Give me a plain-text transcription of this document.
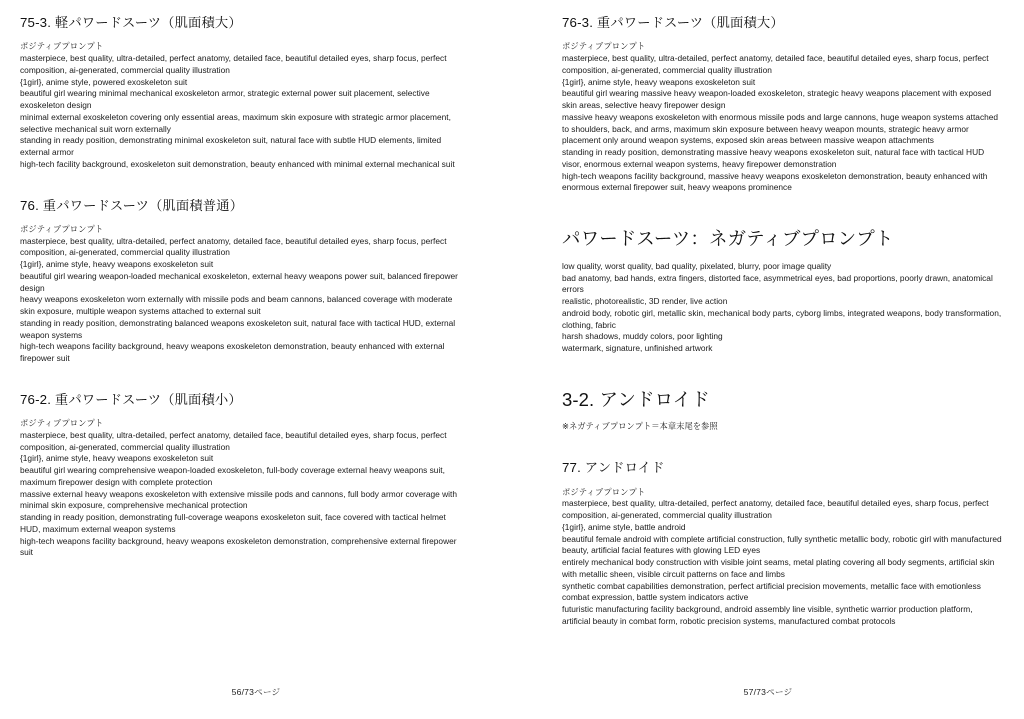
75-3. 軽パワードスーツ（肌面積大）
ポジティブプロンプト
masterpiece, best quality, ultra-detailed, perfect anatomy, detailed face, beautiful detailed eyes, sharp focus, perfect composition, ai-generated, commercial quality illustration
{1girl}, anime style, powered exoskeleton suit
beautiful girl wearing minimal mechanical exoskeleton armor, strategic external power suit placement, selective exoskeleton design
minimal external exoskeleton covering only essential areas, maximum skin exposure with strategic armor placement, selective mechanical suit worn externally
standing in ready position, demonstrating minimal exoskeleton suit, natural face with subtle HUD elements, limited external armor
high-tech facility background, exoskeleton suit demonstration, beauty enhanced with minimal external mechanical suit
76. 重パワードスーツ（肌面積普通）
ポジティブプロンプト
masterpiece, best quality, ultra-detailed, perfect anatomy, detailed face, beautiful detailed eyes, sharp focus, perfect composition, ai-generated, commercial quality illustration
{1girl}, anime style, heavy weapons exoskeleton suit
beautiful girl wearing weapon-loaded mechanical exoskeleton, external heavy weapons power suit, balanced firepower design
heavy weapons exoskeleton worn externally with missile pods and beam cannons, balanced coverage with moderate skin exposure, multiple weapon systems attached to external suit
standing in ready position, demonstrating balanced weapons exoskeleton suit, natural face with tactical HUD, external weapon systems
high-tech weapons facility background, heavy weapons exoskeleton demonstration, beauty enhanced with external firepower suit
76-2. 重パワードスーツ（肌面積小）
ポジティブプロンプト
masterpiece, best quality, ultra-detailed, perfect anatomy, detailed face, beautiful detailed eyes, sharp focus, perfect composition, ai-generated, commercial quality illustration
{1girl}, anime style, heavy weapons exoskeleton suit
beautiful girl wearing comprehensive weapon-loaded exoskeleton, full-body coverage external heavy weapons suit, maximum firepower design with complete protection
massive external heavy weapons exoskeleton with extensive missile pods and cannons, full body armor coverage with minimal skin exposure, comprehensive mechanical protection
standing in ready position, demonstrating full-coverage weapons exoskeleton suit, face covered with tactical helmet HUD, maximum external weapon systems
high-tech weapons facility background, heavy weapons exoskeleton demonstration, comprehensive external firepower suit
56/73ページ
76-3. 重パワードスーツ（肌面積大）
ポジティブプロンプト
masterpiece, best quality, ultra-detailed, perfect anatomy, detailed face, beautiful detailed eyes, sharp focus, perfect composition, ai-generated, commercial quality illustration
{1girl}, anime style, heavy weapons exoskeleton suit
beautiful girl wearing massive heavy weapon-loaded exoskeleton, strategic heavy weapons placement with exposed skin areas, selective heavy firepower design
massive heavy weapons exoskeleton with enormous missile pods and large cannons, huge weapon systems attached to shoulders, back, and arms, maximum skin exposure between heavy weapon mounts, strategic heavy armor placement only around weapon systems, exposed skin areas between massive weapon attachments
standing in ready position, demonstrating massive heavy weapons exoskeleton suit, natural face with tactical HUD visor, enormous external weapon systems, heavy firepower demonstration
high-tech weapons facility background, massive heavy weapons exoskeleton demonstration, beauty enhanced with enormous external firepower suit, heavy weapons prominence
パワードスーツ：ネガティブプロンプト
low quality, worst quality, bad quality, pixelated, blurry, poor image quality
bad anatomy, bad hands, extra fingers, distorted face, asymmetrical eyes, bad proportions, poorly drawn, anatomical errors
realistic, photorealistic, 3D render, live action
android body, robotic girl, metallic skin, mechanical body parts, cyborg limbs, integrated weapons, body transformation, clothing, fabric
harsh shadows, muddy colors, poor lighting
watermark, signature, unfinished artwork
3-2. アンドロイド
※ネガティブプロンプト＝本章末尾を参照
77. アンドロイド
ポジティブプロンプト
masterpiece, best quality, ultra-detailed, perfect anatomy, detailed face, beautiful detailed eyes, sharp focus, perfect composition, ai-generated, commercial quality illustration
{1girl}, anime style, battle android
beautiful female android with complete artificial construction, fully synthetic metallic body, robotic girl with manufactured beauty, artificial facial features with glowing LED eyes
entirely mechanical body construction with visible joint seams, metal plating covering all body segments, artificial skin with metallic sheen, visible circuit patterns on face and limbs
synthetic combat capabilities demonstration, perfect artificial precision movements, metallic face with emotionless combat expression, battle system indicators active
futuristic manufacturing facility background, android assembly line visible, synthetic warrior production platform, artificial beauty in combat form, robotic precision systems, manufactured combat protocols
57/73ページ
